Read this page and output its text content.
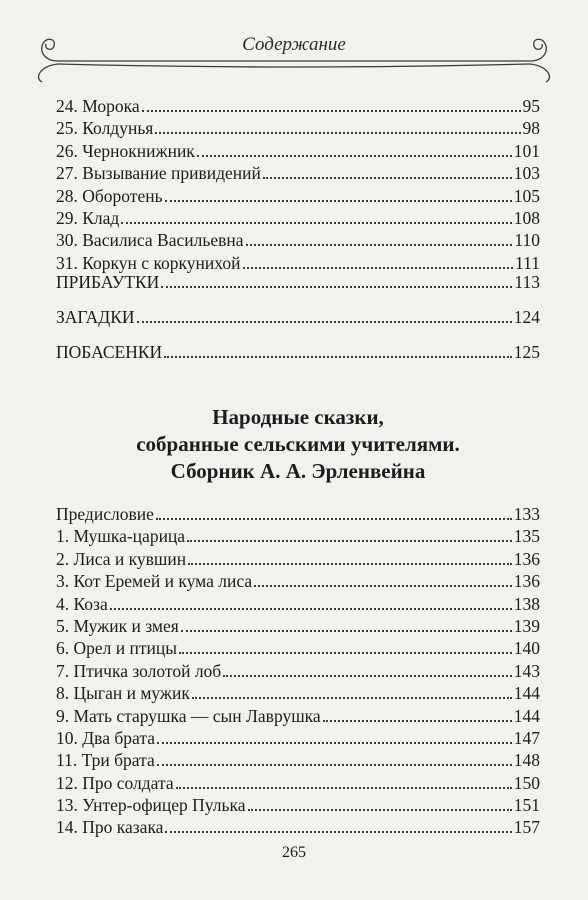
Содержание
24. Морока	95
25. Колдунья	98
26. Чернокнижник	101
27. Вызывание привидений	103
28. Оборотень	105
29. Клад	108
30. Василиса Васильевна	110
31. Коркун с коркунихой	111
ПРИБАУТКИ	113
ЗАГАДКИ	124
ПОБАСЕНКИ	125
Народные сказки,
собранные сельскими учителями.
Сборник А. А. Эрленвейна
Предисловие	133
1. Мушка-царица	135
2. Лиса и кувшин	136
3. Кот Еремей и кума лиса	136
4. Коза	138
5. Мужик и змея	139
6. Орел и птицы	140
7. Птичка золотой лоб	143
8. Цыган и мужик	144
9. Мать старушка — сын Лаврушка	144
10. Два брата	147
11. Три брата	148
12. Про солдата	150
13. Унтер-офицер Пулька	151
14. Про казака	157
265
